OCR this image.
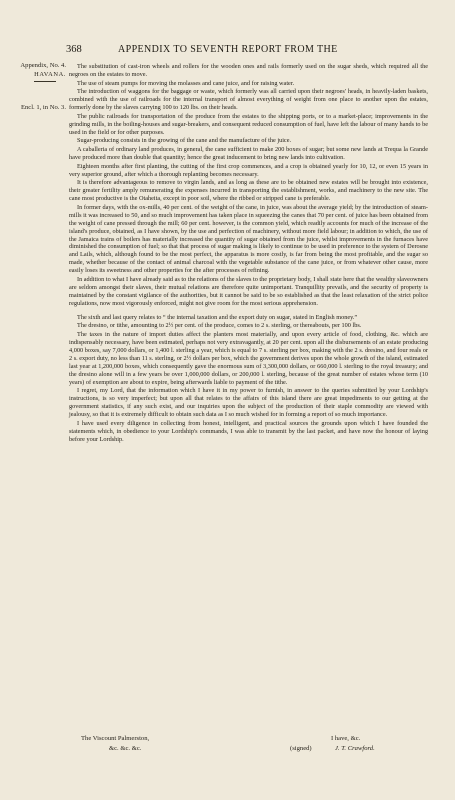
368	APPENDIX TO SEVENTH REPORT FROM THE
Appendix, No. 4.
HAVANA.
Encl. 1, in No. 3.

The substitution of cast-iron wheels and rollers for the wooden ones and rails formerly used on the sugar sheds, which required all the negroes on the estates to move.

The use of steam pumps for moving the molasses and cane juice, and for raising water.

The introduction of waggons for the baggage or waste, which formerly was all carried upon their negroes' heads, in heavily-laden baskets, combined with the use of railroads for the internal transport of almost everything of weight from one place to another upon the estates, formerly done by the slaves carrying 100 to 120 lbs. on their heads.

The public railroads for transportation of the produce from the estates to the shipping ports, or to a market-place; improvements in the grinding mills, in the boiling-houses and sugar-breakers, and consequent reduced consumption of fuel, have left the labour of many hands to be used in the field or for other purposes.

Sugar-producing consists in the growing of the cane and the manufacture of the juice.

A caballeria of ordinary land produces, in general, the cane sufficient to make 200 boxes of sugar; but some new lands at Trequa la Grande have produced more than double that quantity; hence the great inducement to bring new lands into cultivation.

Eighteen months after first planting, the cutting of the first crop commences, and a crop is obtained yearly for 10, 12, or even 15 years in very superior ground, after which a thorough replanting becomes necessary.

It is therefore advantageous to remove to virgin lands, and as long as these are to be obtained new estates will be brought into existence, their greater fertility amply remunerating the expenses incurred in transporting the establishment, works, and machinery to the new site. The cane most productive is the Otaheita, except in poor soil, where the ribbed or stripped cane is preferable.

In former days, with the ox-mills, 40 per cent. of the weight of the cane, in juice, was about the average yield; by the introduction of steam-mills it was increased to 50, and so much improvement has taken place in squeezing the canes that 70 per cent. of juice has been obtained from the weight of cane pressed through the mill; 60 per cent. however, is the common yield, which readily accounts for much of the increase of the island's produce, obtained, as I have shown, by the use and perfection of machinery, without more field labour; in addition to which, the use of the Jamaica trains of boilers has materially increased the quantity of sugar obtained from the juice, whilst improvements in the furnaces have diminished the consumption of fuel; so that that process of sugar making is likely to continue to be used in preference to the system of Derosne and Lails, which, although found to be the most perfect, the apparatus is more costly, is far from being the most profitable, and the sugar so made, whether because of the contact of animal charcoal with the vegetable substance of the cane juice, or from whatever other cause, more easily loses its sweetness and other properties for the after processes of refining.

In addition to what I have already said as to the relations of the slaves to the proprietary body, I shall state here that the wealthy slaveowners are seldom amongst their slaves, their mutual relations are therefore quite unimportant. Tranquillity prevails, and the security of property is maintained by the constant vigilance of the authorities, but it cannot be said to be so established as that the least relaxation of the strict police regulations, now most vigorously enforced, might not give room for the most serious apprehension.

The sixth and last query relates to “ the internal taxation and the export duty on sugar, stated in English money.”

The dresino, or tithe, amounting to 2½ per cent. of the produce, comes to 2 s. sterling, or thereabouts, per 100 lbs.

The taxes in the nature of import duties affect the planters most materially, and upon every article of food, clothing, &c. which are indispensably necessary, have been estimated, perhaps not very extravagantly, at 20 per cent. upon all the disbursements of an estate producing 4,000 boxes, say 7,000 dollars, or 1,400 l. sterling a year, which is equal to 7 s. sterling per box, making with the 2 s. dresino, and four reals or 2 s. export duty, no less than 11 s. sterling, or 2½ dollars per box, which the government derives upon the whole growth of the island, estimated last year at 1,200,000 boxes, which consequently gave the enormous sum of 3,300,000 dollars, or 660,000 l. sterling to the royal treasury; and the dresino alone will in a few years be over 1,000,000 dollars, or 200,000 l. sterling, because of the great number of estates whose term (10 years) of exemption are about to expire, being afterwards liable to payment of the tithe.

I regret, my Lord, that the information which I have it in my power to furnish, in answer to the queries submitted by your Lordship's instructions, is so very imperfect; but upon all that relates to the affairs of this island there are great impediments to our getting at the government statistics, if any such exist, and our inquiries upon the subject of the production of their staple commodity are viewed with jealousy, so that it is extremely difficult to obtain such data as I so much wished for in forming a report of so much importance.

I have used every diligence in collecting from honest, intelligent, and practical sources the grounds upon which I have founded the statements which, in obedience to your Lordship's commands, I was able to transmit by the last packet, and have now the honour of laying before your Lordship.

The Viscount Palmerston,
&c. &c. &c.
I have, &c.
(signed)	J. T. Crawford.
